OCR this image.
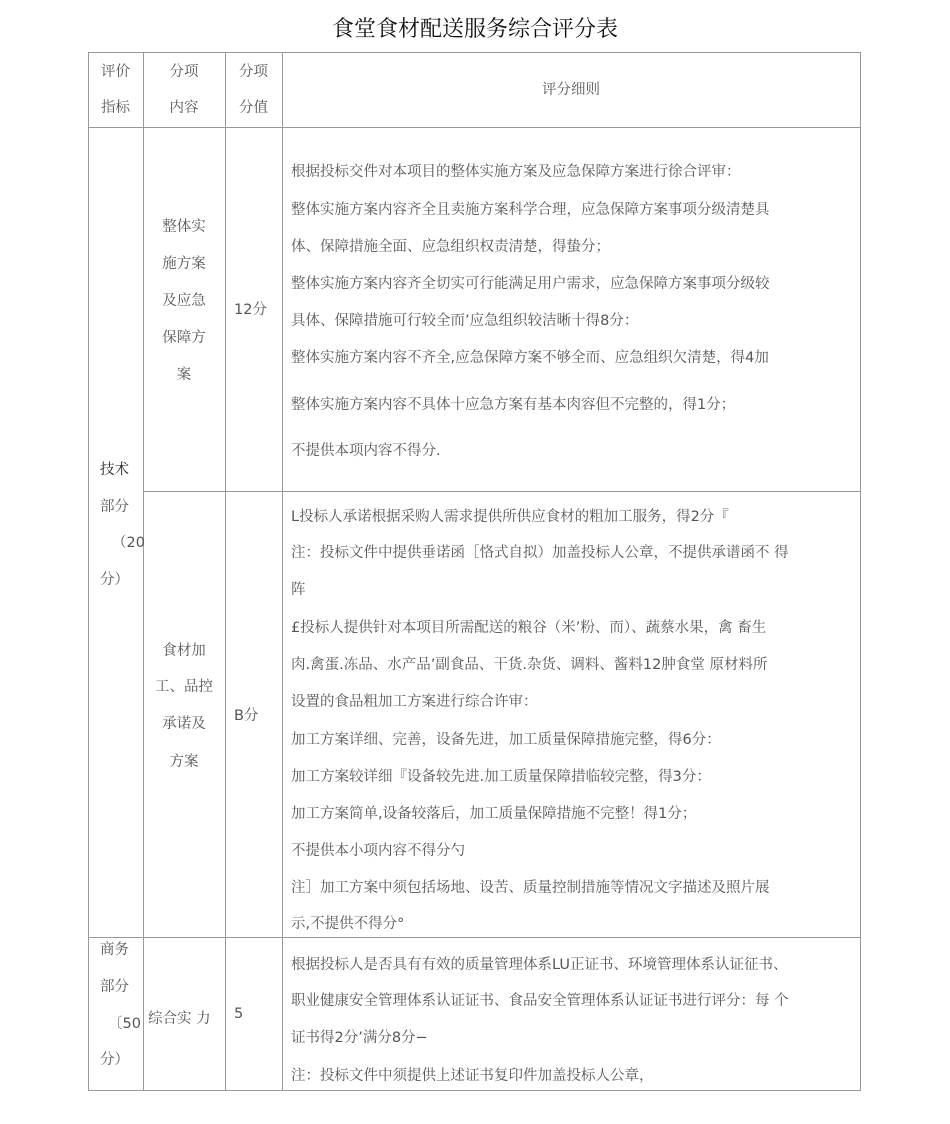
食堂食材配送服务综合评分表
评价
指标
分项
内容
分项
分值
评分细则
技术
部分
（20
分）
整体实
施方案
及应急
保障方
案
12分
根据投标交件对本项目的整体实施方案及应急保障方案进行徐合评审：
整体实施方案内容齐全且卖施方案科学合理，应急保障方案事项分级清楚具
体、保障措施全面、应急组织权责清楚，得蛰分；
整体实施方案内容齐全切实可行能满足用户需求，应急保障方案事项分级较
具体、保障措施可行较全而’应急组织较洁晰十得8分：
整体实施方案内容不齐全,应急保障方案不够全而、应急组织欠清楚，得4加
整体实施方案内容不具体十应急方案有基本肉容但不完整的，得1分；
不提供本项内容不得分.
食材加
工、品控
承诺及
方案
B分
L投标人承诺根据采购人需求提供所供应食材的粗加工服务，得2分『
注：投标文件中提供垂诺函［恪式自拟）加盖投标人公章，不提供承谱函不 得
阵
£投标人提供针对本项目所需配送的粮谷（米’粉、而）、蔬蔡水果，禽 畜生
肉.禽蛋.冻品、水产品’副食品、干货.杂货、调料、酱料12肿食堂 原材料所
设置的食品粗加工方案进行综合许审：
加工方案详细、完善，设备先进，加工质量保障措施完整，得6分：
加工方案较详细『设备较先进.加工质量保障措临较完整，得3分：
加工方案简单,设备较落后，加工质量保障措施不完整！得1分；
不提供本小项内容不得分勺
注］加工方案中须包括场地、设苦、质量控制措施等情况文字描述及照片展
示,不提供不得分°
商务
部分
〔50
分）
综合实 力 5
根据投标人是否具有有效的质量管理体系LU正证书、环境管理体系认证征书、
职业健康安全管理体系认证证书、食品安全管理体系认证证书进行评分：每 个
证书得2分’满分8分−
注：投标文件中须提供上述证书复印件加盖投标人公章，
